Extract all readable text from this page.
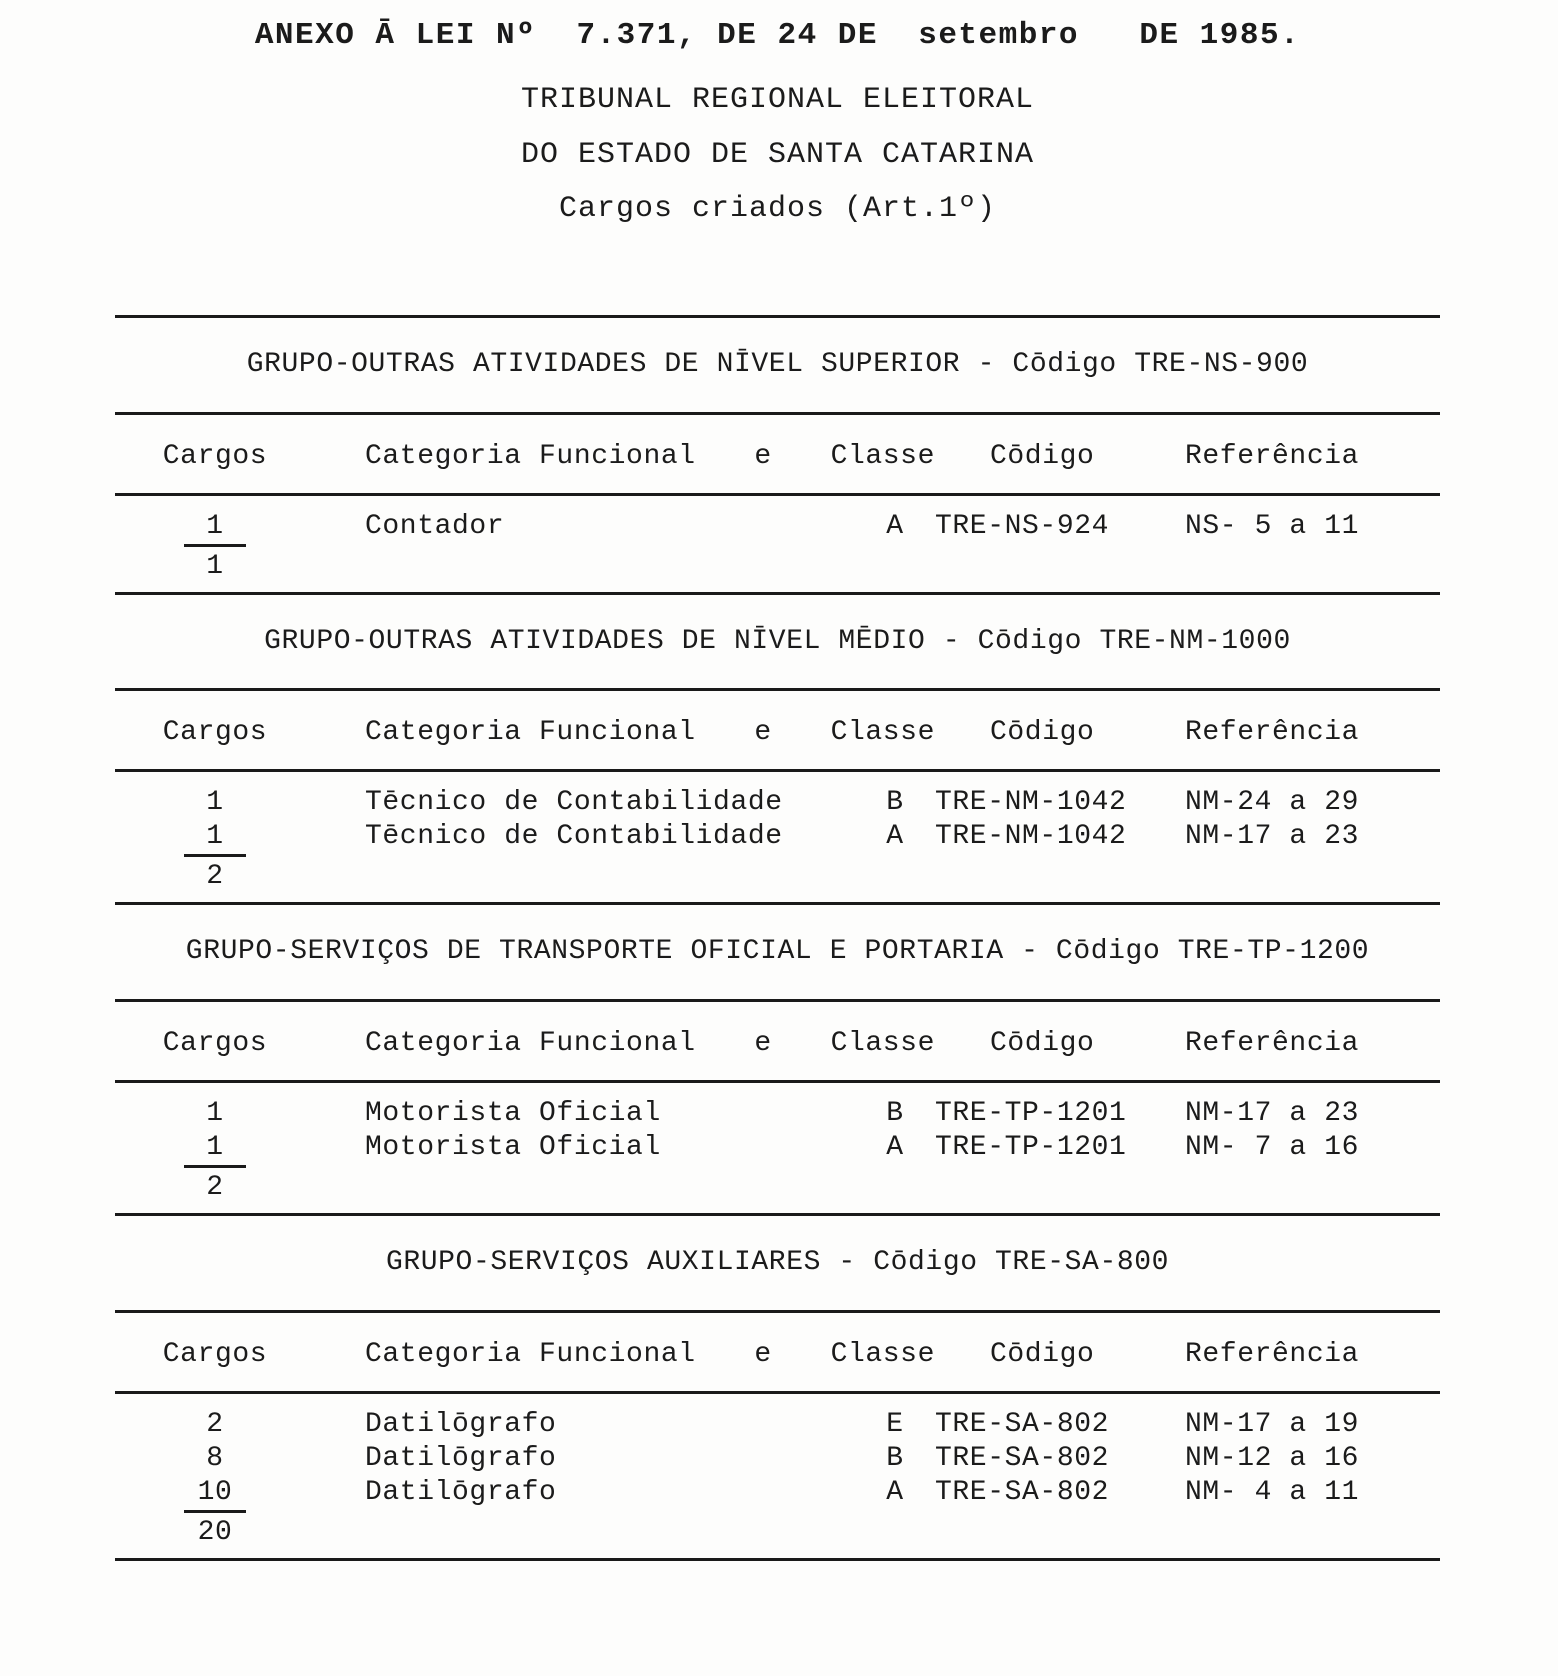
ANEXO Ā LEI Nº  7.371, DE 24 DE  setembro   DE 1985.
TRIBUNAL REGIONAL ELEITORAL
DO ESTADO DE SANTA CATARINA
Cargos criados (Art.1º)
GRUPO-OUTRAS ATIVIDADES DE NĪVEL SUPERIOR - Cōdigo TRE-NS-900
Cargos	Categoria Funcional e Classe	Cōdigo	Referência
1	Contador	A	TRE-NS-924	NS- 5 a 11
1
GRUPO-OUTRAS ATIVIDADES DE NĪVEL MĒDIO - Cōdigo TRE-NM-1000
Cargos	Categoria Funcional e Classe	Cōdigo	Referência
1	Tēcnico de Contabilidade	B	TRE-NM-1042	NM-24 a 29
1	Tēcnico de Contabilidade	A	TRE-NM-1042	NM-17 a 23
2
GRUPO-SERVIÇOS DE TRANSPORTE OFICIAL E PORTARIA - Cōdigo TRE-TP-1200
Cargos	Categoria Funcional e Classe	Cōdigo	Referência
1	Motorista Oficial	B	TRE-TP-1201	NM-17 a 23
1	Motorista Oficial	A	TRE-TP-1201	NM- 7 a 16
2
GRUPO-SERVIÇOS AUXILIARES - Cōdigo TRE-SA-800
Cargos	Categoria Funcional e Classe	Cōdigo	Referência
2	Datilōgrafo	E	TRE-SA-802	NM-17 a 19
8	Datilōgrafo	B	TRE-SA-802	NM-12 a 16
10	Datilōgrafo	A	TRE-SA-802	NM- 4 a 11
20
